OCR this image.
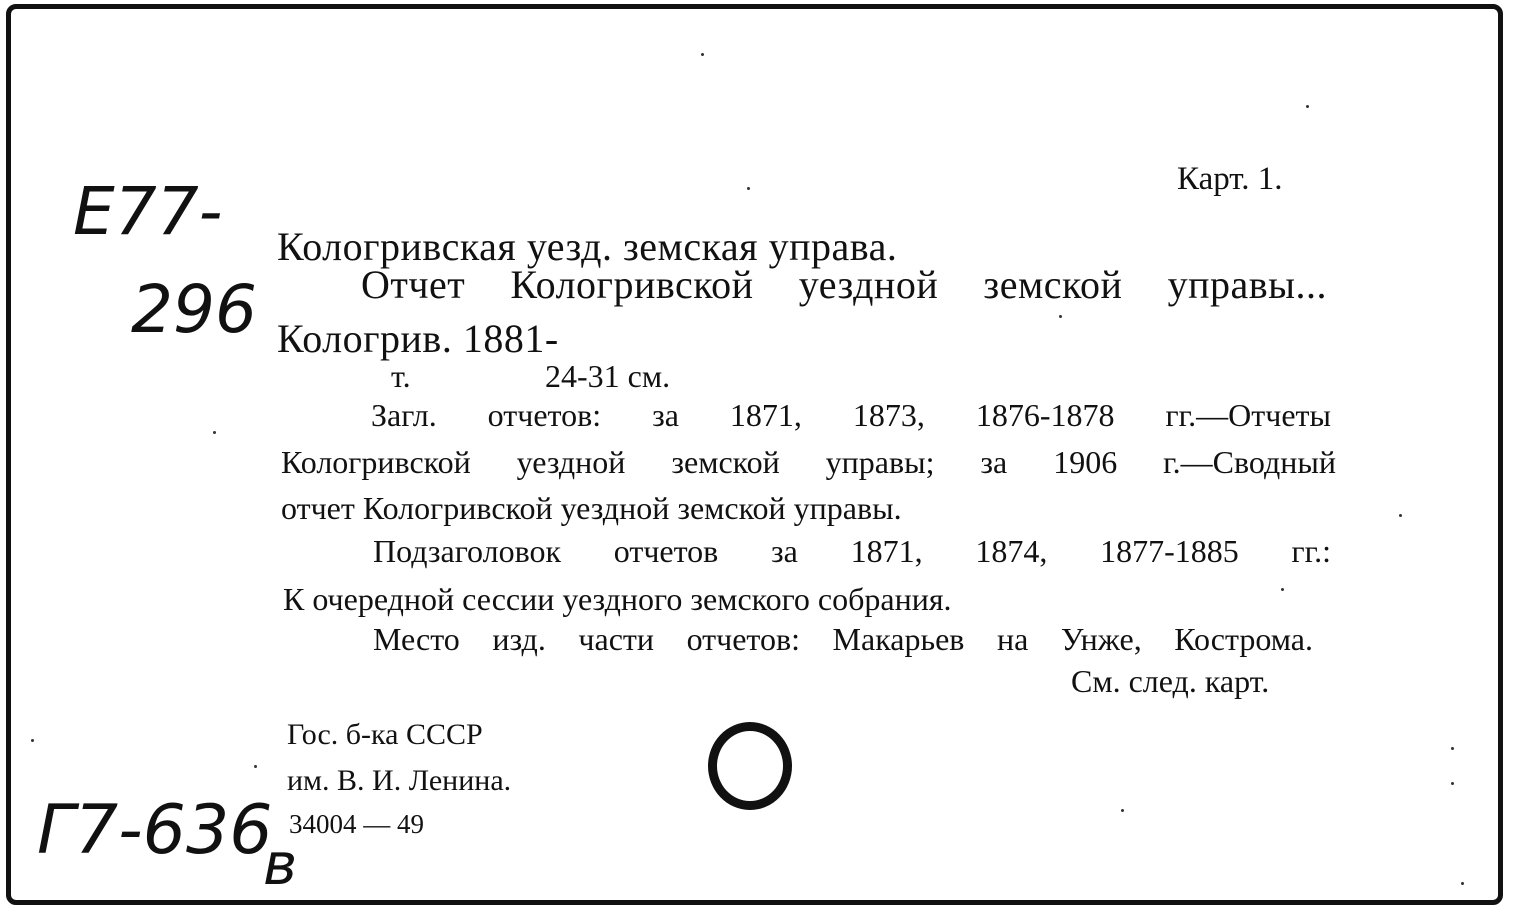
Карт. 1.
E77-
296
Кологривская уезд. земская управа.
Отчет Кологривской уездной земской управы...
Кологрив. 1881-
т.	24-31 см.
Загл. отчетов: за 1871, 1873, 1876-1878 гг.—Отчеты
Кологривской уездной земской управы; за 1906 г.—Сводный
отчет Кологривской уездной земской управы.
Подзаголовок отчетов за 1871, 1874, 1877-1885 гг.:
К очередной сессии уездного земского собрания.
Место изд. части отчетов: Макарьев на Унже, Кострома.
См. след. карт.
Гос. б-ка СССР
им. В. И. Ленина.
34004 — 49
Г7-636
в
